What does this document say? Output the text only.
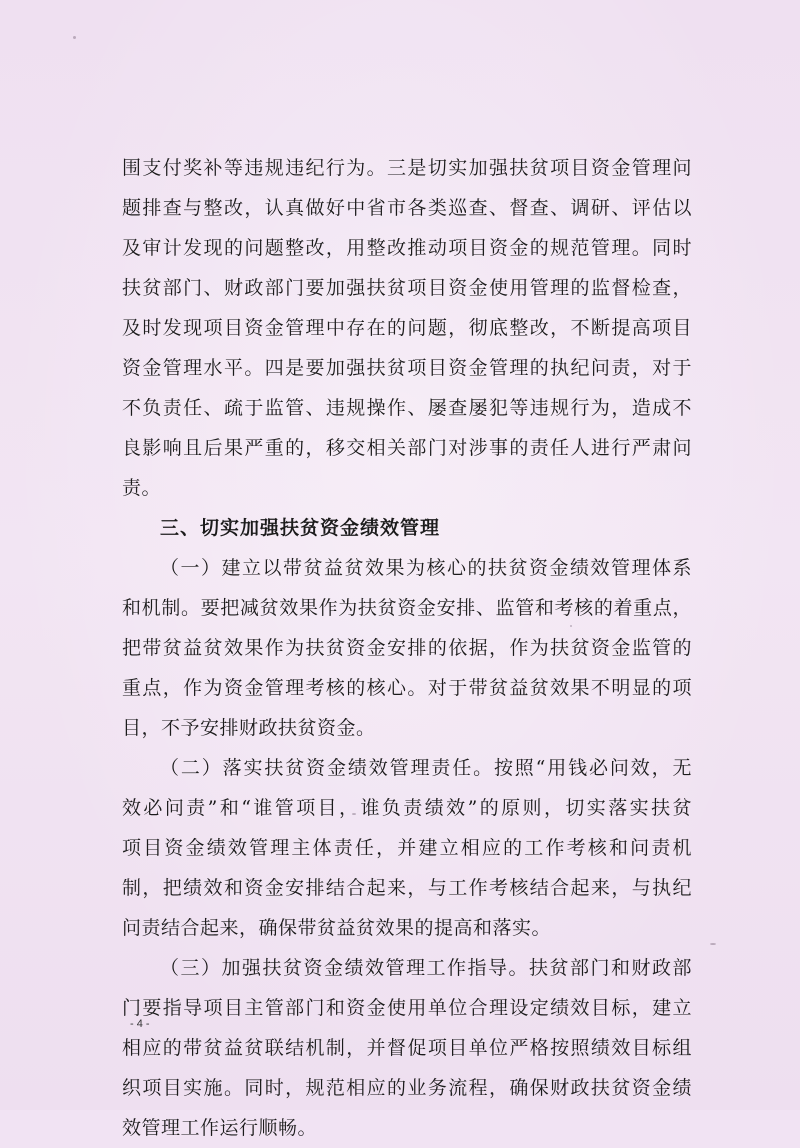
围支付奖补等违规违纪行为。三是切实加强扶贫项目资金管理问
题排查与整改，认真做好中省市各类巡查、督查、调研、评估以
及审计发现的问题整改，用整改推动项目资金的规范管理。同时
扶贫部门、财政部门要加强扶贫项目资金使用管理的监督检查，
及时发现项目资金管理中存在的问题，彻底整改，不断提高项目
资金管理水平。四是要加强扶贫项目资金管理的执纪问责，对于
不负责任、疏于监管、违规操作、屡查屡犯等违规行为，造成不
良影响且后果严重的，移交相关部门对涉事的责任人进行严肃问
责。
三、切实加强扶贫资金绩效管理
（一）建立以带贫益贫效果为核心的扶贫资金绩效管理体系
和机制。要把减贫效果作为扶贫资金安排、监管和考核的着重点，
把带贫益贫效果作为扶贫资金安排的依据，作为扶贫资金监管的
重点，作为资金管理考核的核心。对于带贫益贫效果不明显的项
目，不予安排财政扶贫资金。
（二）落实扶贫资金绩效管理责任。按照“用钱必问效，无
效必问责”和“谁管项目，谁负责绩效”的原则，切实落实扶贫
项目资金绩效管理主体责任，并建立相应的工作考核和问责机
制，把绩效和资金安排结合起来，与工作考核结合起来，与执纪
问责结合起来，确保带贫益贫效果的提高和落实。
（三）加强扶贫资金绩效管理工作指导。扶贫部门和财政部
门要指导项目主管部门和资金使用单位合理设定绩效目标，建立
相应的带贫益贫联结机制，并督促项目单位严格按照绩效目标组
织项目实施。同时，规范相应的业务流程，确保财政扶贫资金绩
效管理工作运行顺畅。
- 4 -
